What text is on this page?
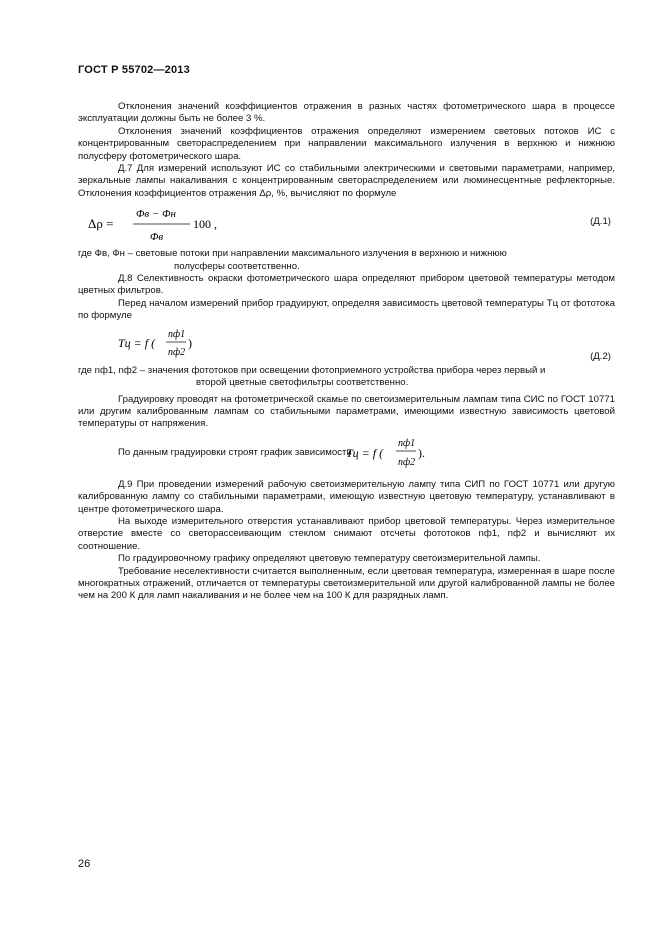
ГОСТ Р 55702—2013

Отклонения значений коэффициентов отражения в разных частях фотометрического шара в процессе эксплуатации должны быть не более 3 %.

Отклонения значений коэффициентов отражения определяют измерением световых потоков ИС с концентрированным светораспределением при направлении максимального излучения в верхнюю и нижнюю полусферу фотометрического шара.

Д.7 Для измерений используют ИС со стабильными электрическими и световыми параметрами, например, зеркальные лампы накаливания с концентрированным светораспределением или люминесцентные рефлекторные. Отклонения коэффициентов отражения Δρ, %, вычисляют по формуле

Δρ =
Φв − Φн
Φв
100 ,	(Д.1)

где Фв, Фн – световые потоки при направлении максимального излучения в верхнюю и нижнюю

полусферы соответственно.

Д.8 Селективность окраски фотометрического шара определяют прибором цветовой температуры методом цветных фильтров.

Перед началом измерений прибор градуируют, определяя зависимость цветовой температуры Tц от фототока по формуле

Tц = f (
nф1
nф2
)
(Д.2)

где nф1, nф2 – значения фототоков при освещении фотоприемного устройства прибора через первый и

второй цветные светофильтры соответственно.

Градуировку проводят на фотометрической скамье по светоизмерительным лампам типа СИС по ГОСТ 10771 или другим калиброванным лампам со стабильными параметрами, имеющими известную зависимость цветовой температуры от напряжения.

По данным градуировки строят график зависимости
Tц = f (
nф1
nф2
).

Д.9 При проведении измерений рабочую светоизмерительную лампу типа СИП по ГОСТ 10771 или другую калиброванную лампу со стабильными параметрами, имеющую известную цветовую температуру, устанавливают в центре фотометрического шара.

На выходе измерительного отверстия устанавливают прибор цветовой температуры. Через измерительное отверстие вместе со светорассеивающим стеклом снимают отсчеты фототоков nф1, nф2 и вычисляют их соотношение.

По градуировочному графику определяют цветовую температуру светоизмерительной лампы.

Требование неселективности считается выполненным, если цветовая температура, измеренная в шаре после многократных отражений, отличается от температуры светоизмерительной или другой калиброванной лампы не более чем на 200 К для ламп накаливания и не более чем на 100 К для разрядных ламп.

26
